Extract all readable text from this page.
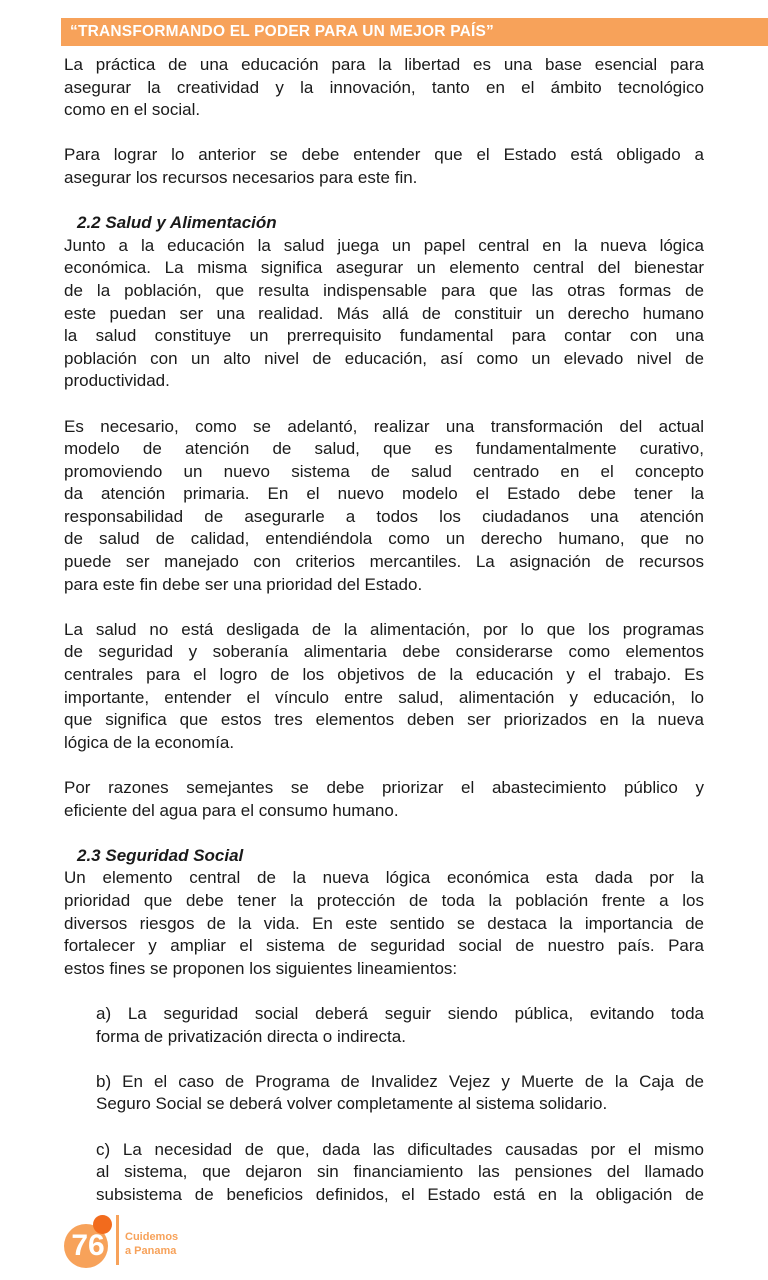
“TRANSFORMANDO EL PODER PARA UN MEJOR PAÍS”
La práctica de una educación para la libertad es una base esencial para
asegurar la creatividad y la innovación, tanto en el ámbito tecnológico
como en el social.
Para lograr lo anterior se debe entender que el Estado está obligado a
asegurar los recursos necesarios para este fin.
2.2 Salud y Alimentación
Junto a la educación la salud juega un papel central en la nueva lógica
económica. La misma significa asegurar un elemento central del bienestar
de la población, que resulta indispensable para que las otras formas de
este puedan ser una realidad. Más allá de constituir un derecho humano
la salud constituye un prerrequisito fundamental para contar con una
población con un alto nivel de educación, así como un elevado nivel de
productividad.
Es necesario, como se adelantó, realizar una transformación del actual
modelo de atención de salud, que es fundamentalmente curativo,
promoviendo un nuevo sistema de salud centrado en el concepto
da atención primaria. En el nuevo modelo el Estado debe tener la
responsabilidad de asegurarle a todos los ciudadanos una atención
de salud de calidad, entendiéndola como un derecho humano, que no
puede ser manejado con criterios mercantiles. La asignación de recursos
para este fin debe ser una prioridad del Estado.
La salud no está desligada de la alimentación, por lo que los programas
de seguridad y soberanía alimentaria debe considerarse como elementos
centrales para el logro de los objetivos de la educación y el trabajo. Es
importante, entender el vínculo entre salud, alimentación y educación, lo
que significa que estos tres elementos deben ser priorizados en la nueva
lógica de la economía.
Por razones semejantes se debe priorizar el abastecimiento público y
eficiente del agua para el consumo humano.
2.3 Seguridad Social
Un elemento central de la nueva lógica económica esta dada por la
prioridad que debe tener la protección de toda la población frente a los
diversos riesgos de la vida. En este sentido se destaca la importancia de
fortalecer y ampliar el sistema de seguridad social de nuestro país. Para
estos fines se proponen los siguientes lineamientos:
a) La seguridad social deberá seguir siendo pública, evitando toda
forma de privatización directa o indirecta.
b) En el caso de Programa de Invalidez Vejez y Muerte de la Caja de
Seguro Social se deberá volver completamente al sistema solidario.
c) La necesidad de que, dada las dificultades causadas por el mismo
al sistema, que dejaron sin financiamiento las pensiones del llamado
subsistema de beneficios definidos, el Estado está en la obligación de
76	Cuidemos
a Panama
